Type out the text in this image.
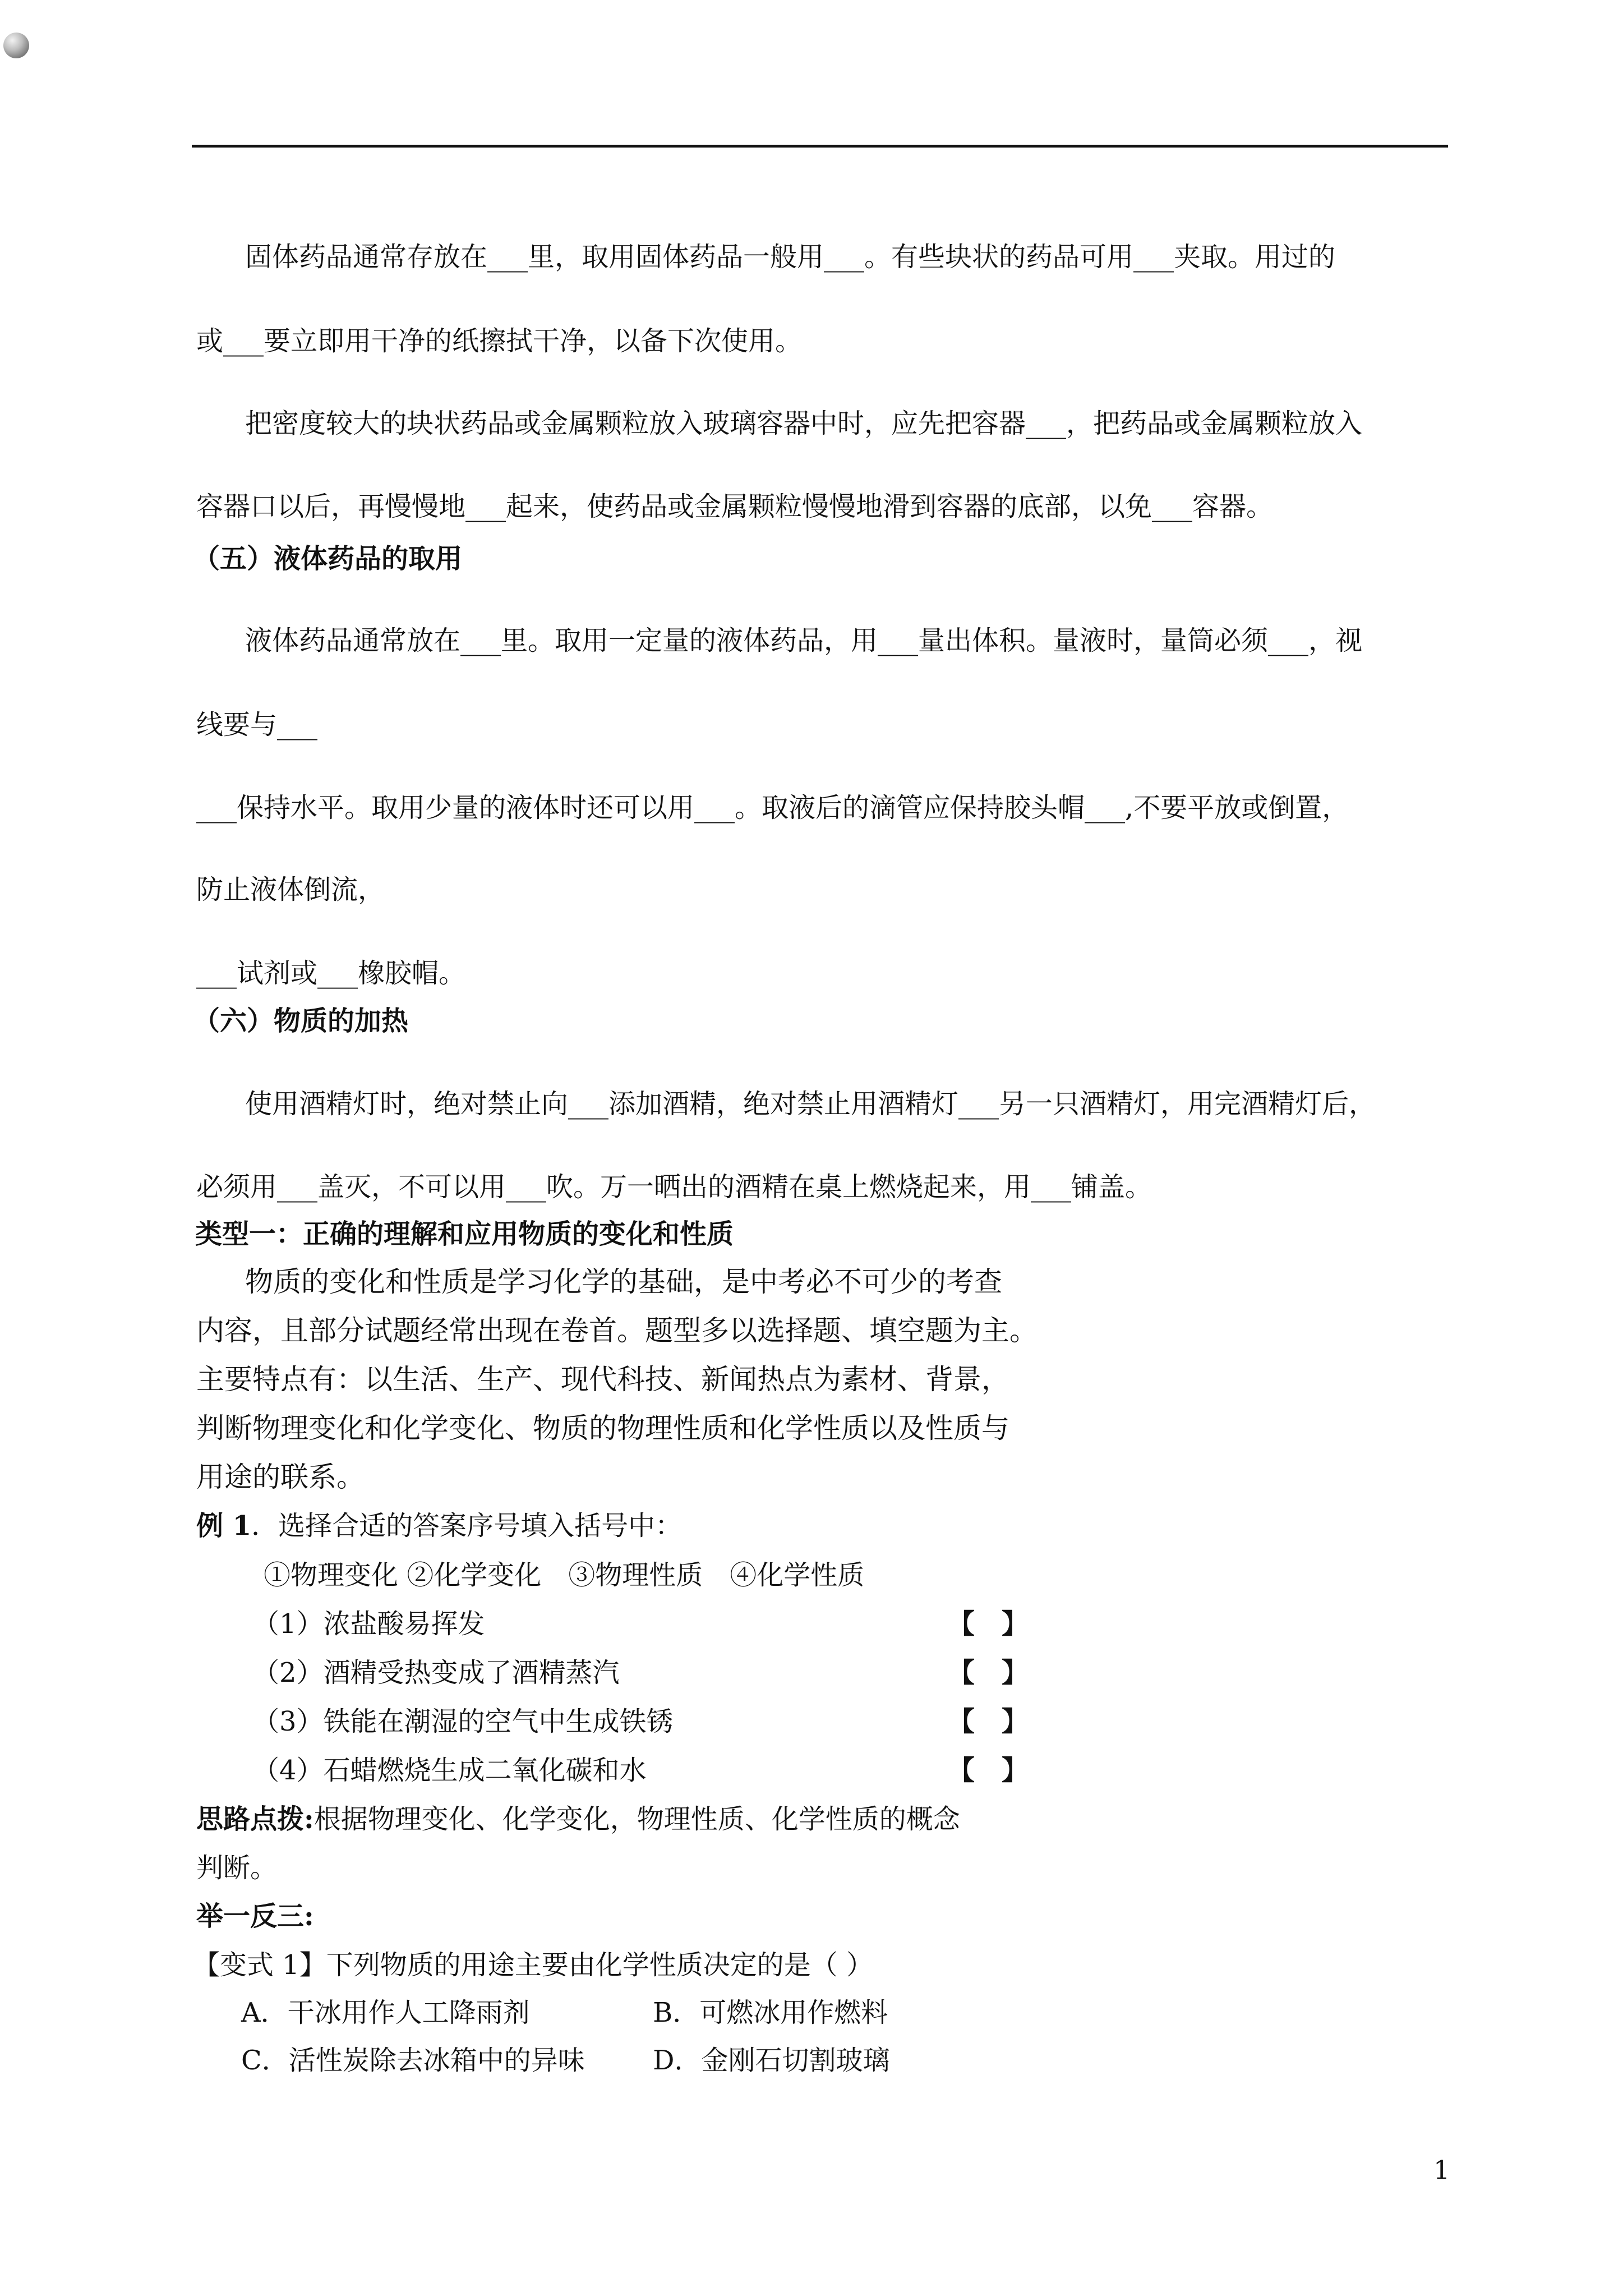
固体药品通常存放在___里，取用固体药品一般用___。有些块状的药品可用___夹取。用过的
或___要立即用干净的纸擦拭干净，以备下次使用。
把密度较大的块状药品或金属颗粒放入玻璃容器中时，应先把容器___，把药品或金属颗粒放入
容器口以后，再慢慢地___起来，使药品或金属颗粒慢慢地滑到容器的底部，以免___容器。
（五）液体药品的取用
液体药品通常放在___里。取用一定量的液体药品，用___量出体积。量液时，量筒必须___，视
线要与___
___保持水平。取用少量的液体时还可以用___。取液后的滴管应保持胶头帽___,不要平放或倒置，
防止液体倒流，
___试剂或___橡胶帽。
（六）物质的加热
使用酒精灯时，绝对禁止向___添加酒精，绝对禁止用酒精灯___另一只酒精灯，用完酒精灯后，
必须用___盖灭，不可以用___吹。万一晒出的酒精在桌上燃烧起来，用___铺盖。
类型一：正确的理解和应用物质的变化和性质
物质的变化和性质是学习化学的基础，是中考必不可少的考查
内容，且部分试题经常出现在卷首。题型多以选择题、填空题为主。
主要特点有：以生活、生产、现代科技、新闻热点为素材、背景，
判断物理变化和化学变化、物质的物理性质和化学性质以及性质与
用途的联系。
例 1．选择合适的答案序号填入括号中：
①物理变化 ②化学变化　③物理性质　④化学性质
（1）浓盐酸易挥发	【　】
（2）酒精受热变成了酒精蒸汽	【　】
（3）铁能在潮湿的空气中生成铁锈	【　】
（4）石蜡燃烧生成二氧化碳和水	【　】
思路点拨:根据物理变化、化学变化，物理性质、化学性质的概念
判断。
举一反三:
【变式 1】下列物质的用途主要由化学性质决定的是（ ）
A．干冰用作人工降雨剂	B．可燃冰用作燃料
C．活性炭除去冰箱中的异味	D．金刚石切割玻璃
1
